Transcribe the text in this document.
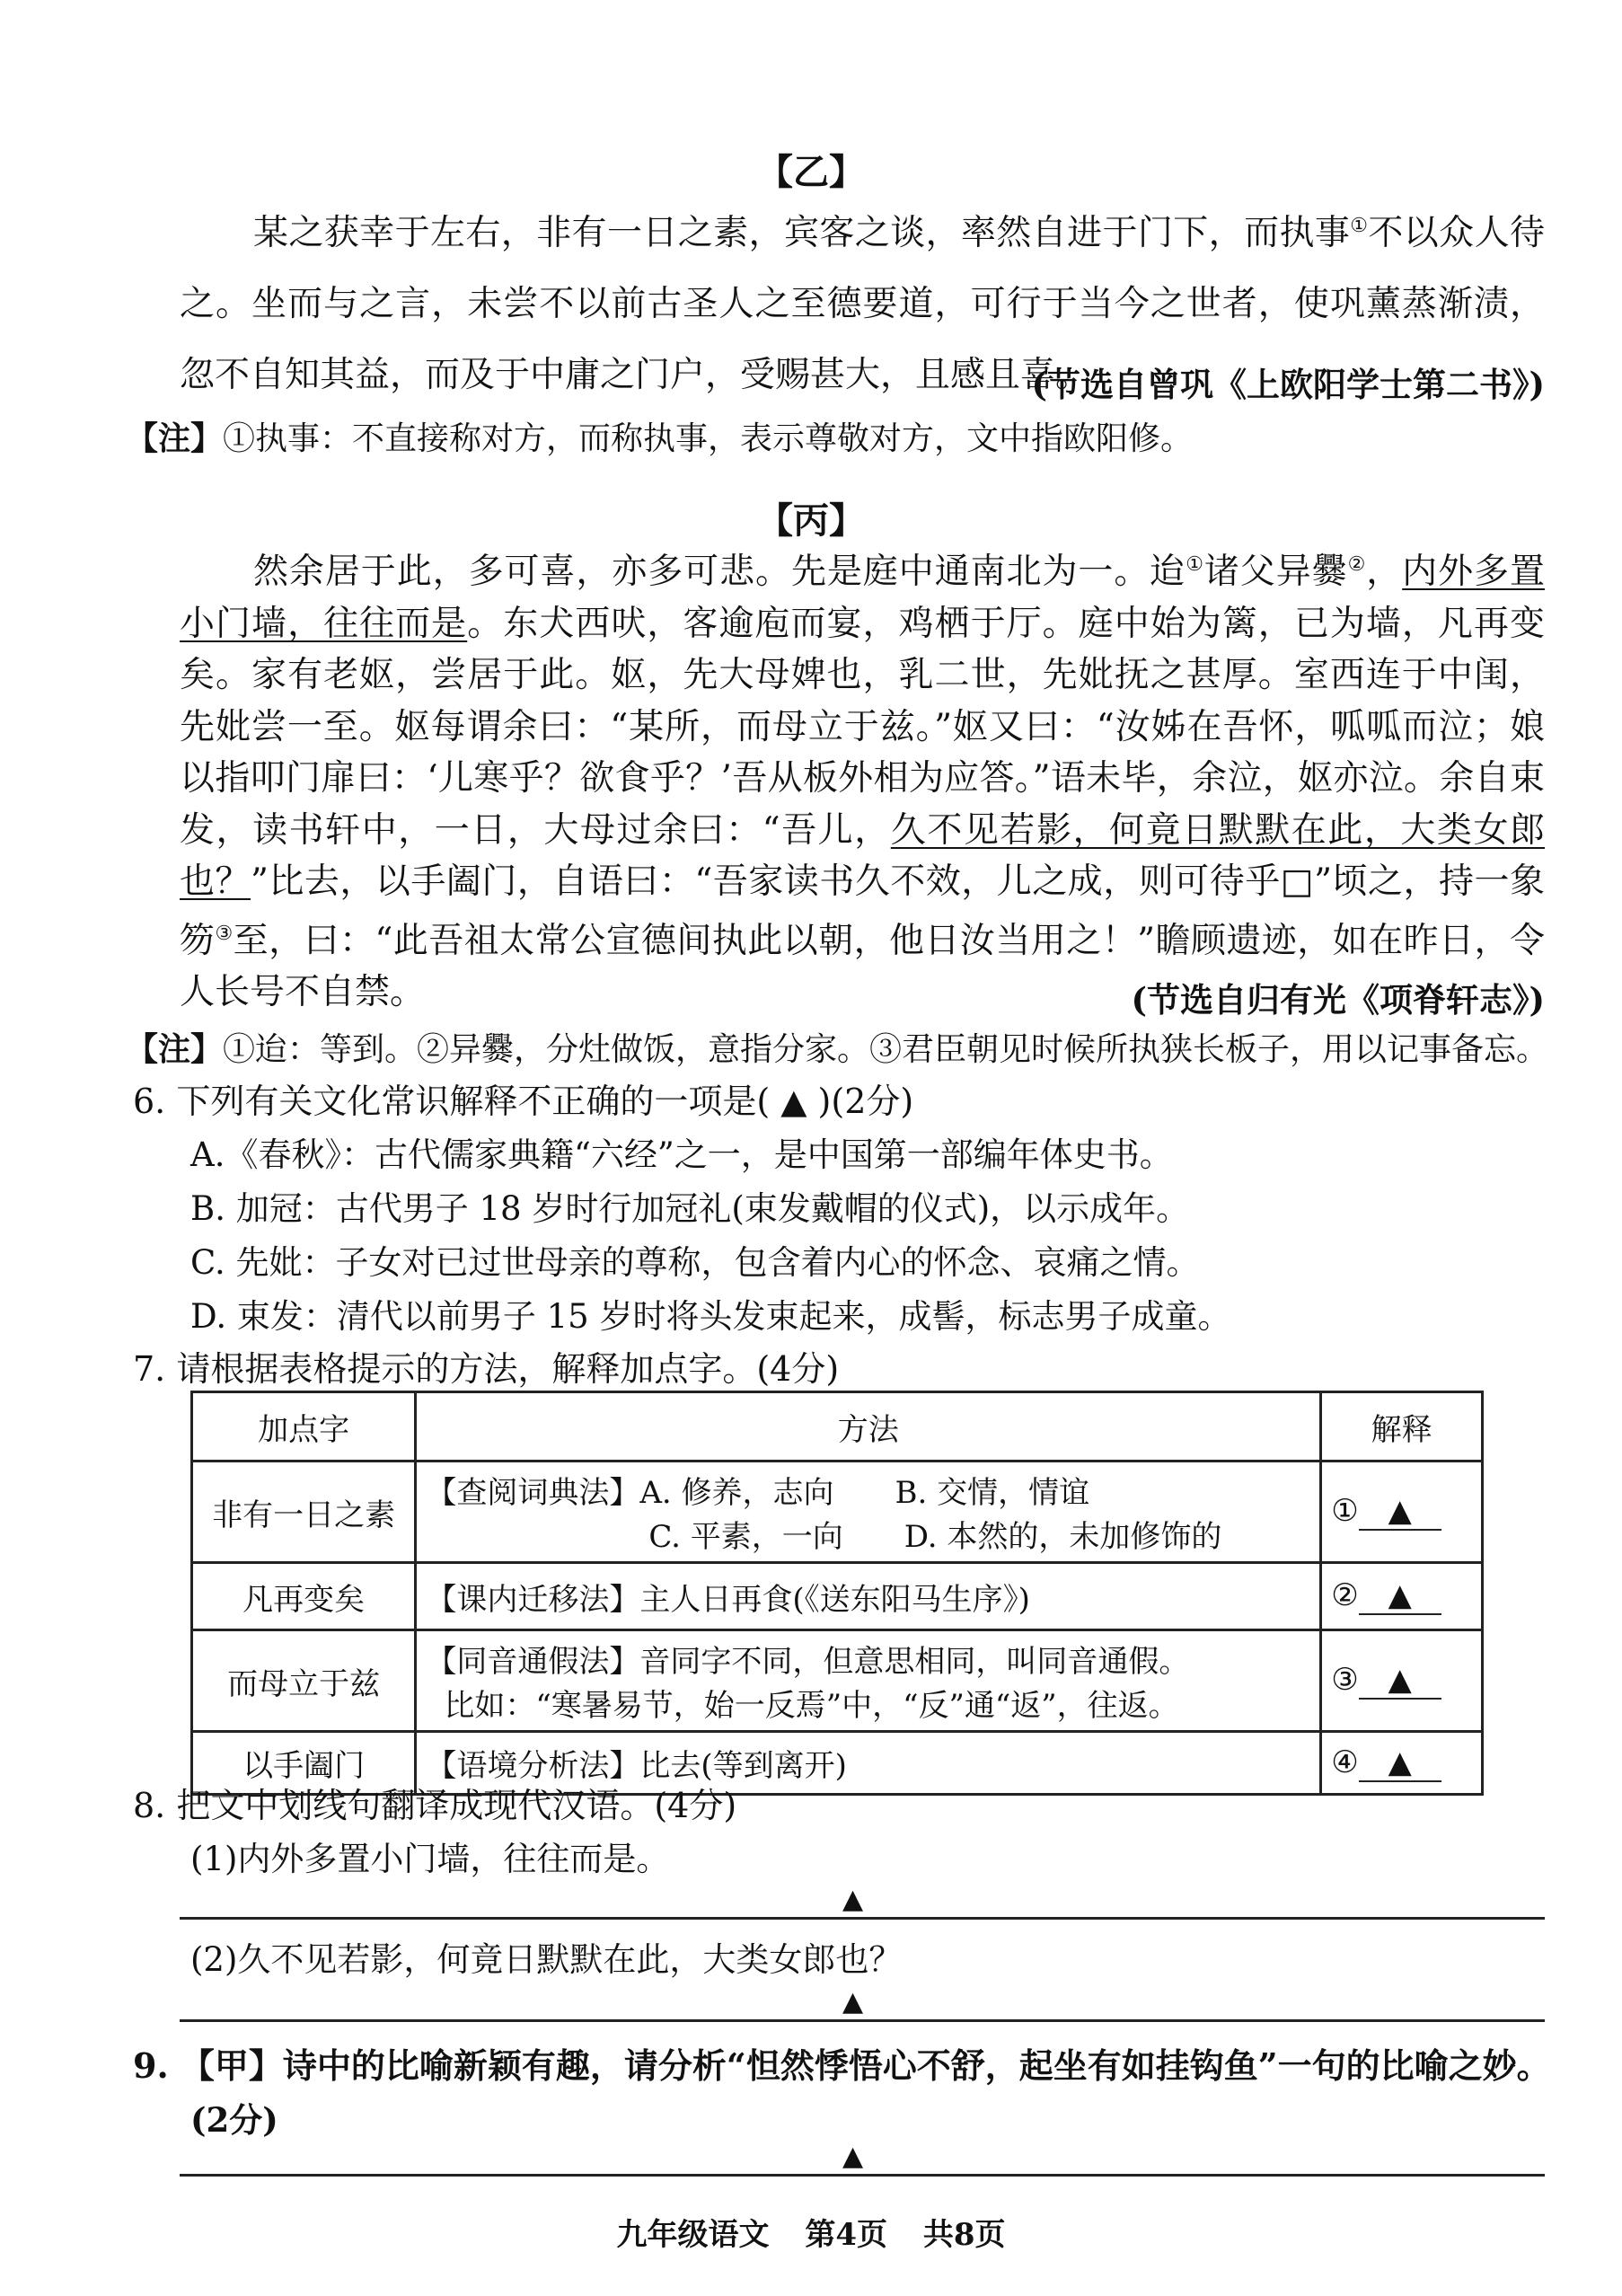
【乙】
某之获幸于左右，非有一日之素，宾客之谈，率然自进于门下，而执事①不以众人待之。坐而与之言，未尝不以前古圣人之至德要道，可行于当今之世者，使巩薰蒸渐渍，忽不自知其益，而及于中庸之门户，受赐甚大，且感且喜。
(节选自曾巩《上欧阳学士第二书》)
【注】①执事：不直接称对方，而称执事，表示尊敬对方，文中指欧阳修。
【丙】
然余居于此，多可喜，亦多可悲。先是庭中通南北为一。迨①诸父异爨②，内外多置小门墙，往往而是。东犬西吠，客逾庖而宴，鸡栖于厅。庭中始为篱，已为墙，凡再变矣。家有老妪，尝居于此。妪，先大母婢也，乳二世，先妣抚之甚厚。室西连于中闺，先妣尝一至。妪每谓余曰：“某所，而母立于兹。”妪又曰：“汝姊在吾怀，呱呱而泣；娘以指叩门扉曰：‘儿寒乎？欲食乎？’吾从板外相为应答。”语未毕，余泣，妪亦泣。余自束发，读书轩中，一日，大母过余曰：“吾儿，久不见若影，何竟日默默在此，大类女郎也？”比去，以手阖门，自语曰：“吾家读书久不效，儿之成，则可待乎□”顷之，持一象笏③至，曰：“此吾祖太常公宣德间执此以朝，他日汝当用之！”瞻顾遗迹，如在昨日，令人长号不自禁。	(节选自归有光《项脊轩志》)
【注】①迨：等到。②异爨，分灶做饭，意指分家。③君臣朝见时候所执狭长板子，用以记事备忘。
6. 下列有关文化常识解释不正确的一项是( ▲ )(2分)
A.《春秋》：古代儒家典籍“六经”之一，是中国第一部编年体史书。
B. 加冠：古代男子 18 岁时行加冠礼(束发戴帽的仪式)，以示成年。
C. 先妣：子女对已过世母亲的尊称，包含着内心的怀念、哀痛之情。
D. 束发：清代以前男子 15 岁时将头发束起来，成髻，标志男子成童。
7. 请根据表格提示的方法，解释加点字。(4分)
加点字	方法	解释
非有一日之素	【查阅词典法】A. 修养，志向　　B. 交情，情谊
C. 平素，一向　　D. 本然的，未加修饰的	① ▲
凡再变矣	【课内迁移法】主人日再食(《送东阳马生序》)	② ▲
而母立于兹	【同音通假法】音同字不同，但意思相同，叫同音通假。
比如：“寒暑易节，始一反焉”中，“反”通“返”，往返。	③ ▲
以手阖门	【语境分析法】比去(等到离开)	④ ▲
8. 把文中划线句翻译成现代汉语。(4分)
(1)内外多置小门墙，往往而是。
▲
(2)久不见若影，何竟日默默在此，大类女郎也？
▲
9. 【甲】诗中的比喻新颖有趣，请分析“怛然悸悟心不舒，起坐有如挂钩鱼”一句的比喻之妙。
(2分)
▲
九年级语文 第4页 共8页
